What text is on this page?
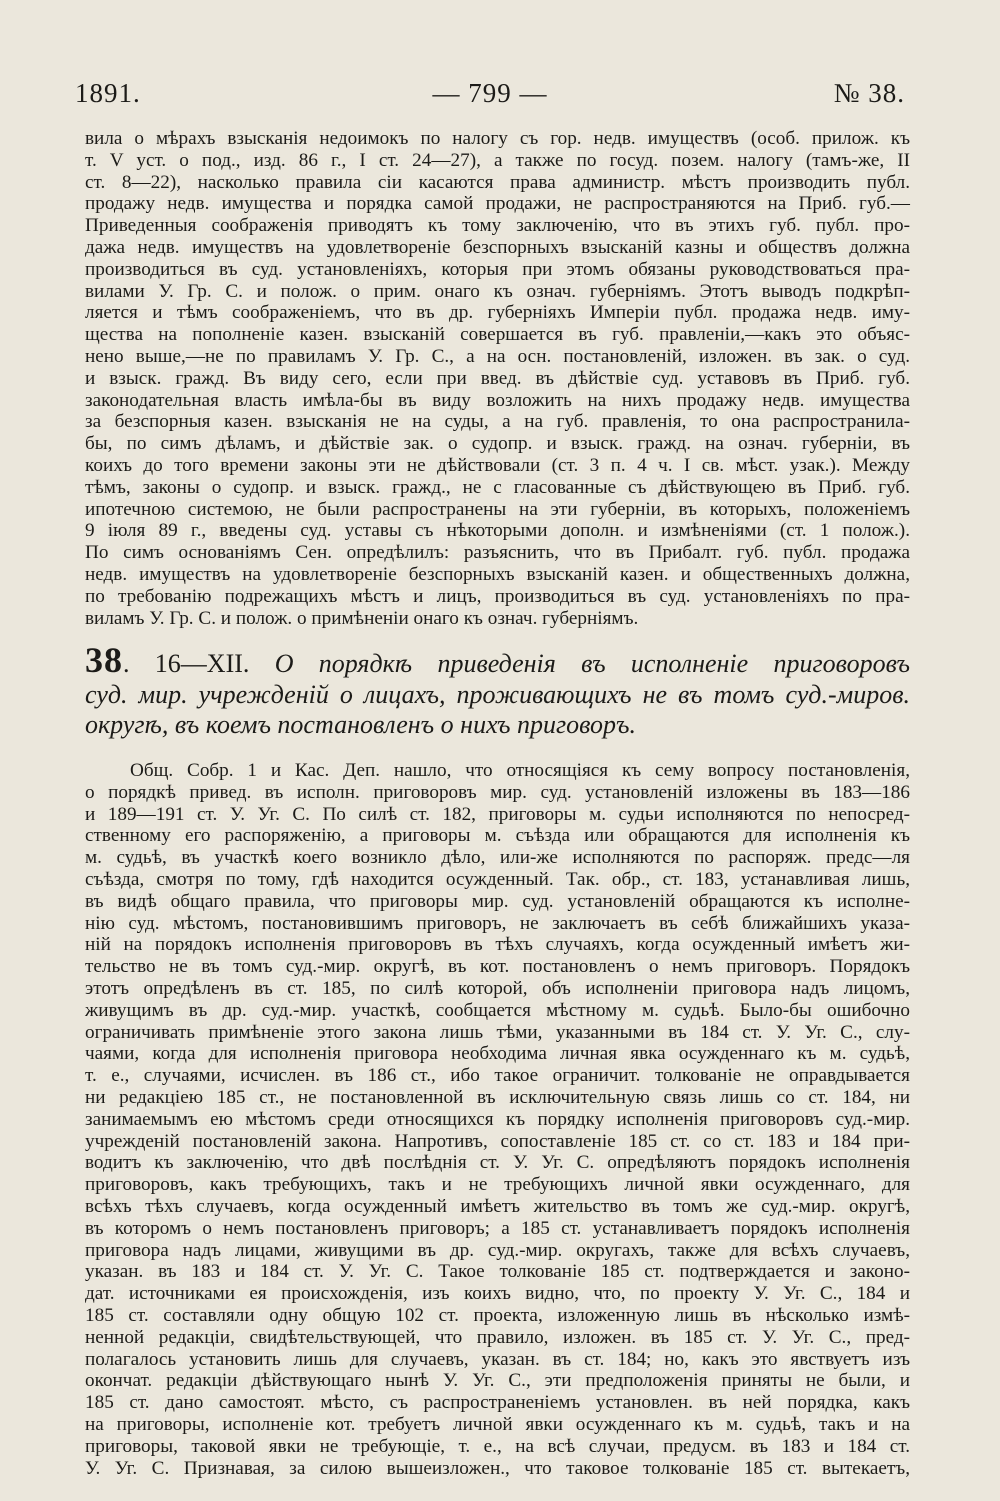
1891.	— 799 —	№ 38.
вила о мѣрахъ взысканія недоимокъ по налогу съ гор. недв. имуществъ (особ. прилож. къ
т. V уст. о под., изд. 86 г., I ст. 24—27), а также по госуд. позем. налогу (тамъ-же, II
ст. 8—22), насколько правила сіи касаются права администр. мѣстъ производить публ.
продажу недв. имущества и порядка самой продажи, не распространяются на Приб. губ.—
Приведенныя соображенія приводятъ къ тому заключенію, что въ этихъ губ. публ. про-
дажа недв. имуществъ на удовлетвореніе безспорныхъ взысканій казны и обществъ должна
производиться въ суд. установленіяхъ, которыя при этомъ обязаны руководствоваться пра-
вилами У. Гр. С. и полож. о прим. онаго къ означ. губерніямъ. Этотъ выводъ подкрѣп-
ляется и тѣмъ соображеніемъ, что въ др. губерніяхъ Имперіи публ. продажа недв. иму-
щества на пополненіе казен. взысканій совершается въ губ. правленіи,—какъ это объяс-
нено выше,—не по правиламъ У. Гр. С., а на осн. постановленій, изложен. въ зак. о суд.
и взыск. гражд. Въ виду сего, если при введ. въ дѣйствіе суд. уставовъ въ Приб. губ.
законодательная власть имѣла-бы въ виду возложить на нихъ продажу недв. имущества
за безспорныя казен. взысканія не на суды, а на губ. правленія, то она распространила-
бы, по симъ дѣламъ, и дѣйствіе зак. о судопр. и взыск. гражд. на означ. губерніи, въ
коихъ до того времени законы эти не дѣйствовали (ст. 3 п. 4 ч. I св. мѣст. узак.). Между
тѣмъ, законы о судопр. и взыск. гражд., не с гласованные съ дѣйствующею въ Приб. губ.
ипотечною системою, не были распространены на эти губерніи, въ которыхъ, положеніемъ
9 іюля 89 г., введены суд. уставы съ нѣкоторыми дополн. и измѣненіями (ст. 1 полож.).
По симъ основаніямъ Сен. опредѣлилъ: разъяснить, что въ Прибалт. губ. публ. продажа
недв. имуществъ на удовлетвореніе безспорныхъ взысканій казен. и общественныхъ должна,
по требованію подрежащихъ мѣстъ и лицъ, производиться въ суд. установленіяхъ по пра-
виламъ У. Гр. С. и полож. о примѣненіи онаго къ означ. губерніямъ.
38. 16—XII. О порядкѣ приведенія въ исполненіе приговоровъ
суд. мир. учрежденій о лицахъ, проживающихъ не въ томъ суд.-миров.
округѣ, въ коемъ постановленъ о нихъ приговоръ.
Общ. Собр. 1 и Кас. Деп. нашло, что относящіяся къ сему вопросу постановленія,
о порядкѣ привед. въ исполн. приговоровъ мир. суд. установленій изложены въ 183—186
и 189—191 ст. У. Уг. С. По силѣ ст. 182, приговоры м. судьи исполняются по непосред-
ственному его распоряженію, а приговоры м. съѣзда или обращаются для исполненія къ
м. судьѣ, въ участкѣ коего возникло дѣло, или-же исполняются по распоряж. предс—ля
съѣзда, смотря по тому, гдѣ находится осужденный. Так. обр., ст. 183, устанавливая лишь,
въ видѣ общаго правила, что приговоры мир. суд. установленій обращаются къ исполне-
нію суд. мѣстомъ, постановившимъ приговоръ, не заключаетъ въ себѣ ближайшихъ указа-
ній на порядокъ исполненія приговоровъ въ тѣхъ случаяхъ, когда осужденный имѣетъ жи-
тельство не въ томъ суд.-мир. округѣ, въ кот. постановленъ о немъ приговоръ. Порядокъ
этотъ опредѣленъ въ ст. 185, по силѣ которой, объ исполненіи приговора надъ лицомъ,
живущимъ въ др. суд.-мир. участкѣ, сообщается мѣстному м. судьѣ. Было-бы ошибочно
ограничивать примѣненіе этого закона лишь тѣми, указанными въ 184 ст. У. Уг. С., слу-
чаями, когда для исполненія приговора необходима личная явка осужденнаго къ м. судьѣ,
т. е., случаями, исчислен. въ 186 ст., ибо такое ограничит. толкованіе не оправдывается
ни редакціею 185 ст., не постановленной въ исключительную связь лишь со ст. 184, ни
занимаемымъ ею мѣстомъ среди относящихся къ порядку исполненія приговоровъ суд.-мир.
учрежденій постановленій закона. Напротивъ, сопоставленіе 185 ст. со ст. 183 и 184 при-
водитъ къ заключенію, что двѣ послѣднія ст. У. Уг. С. опредѣляютъ порядокъ исполненія
приговоровъ, какъ требующихъ, такъ и не требующихъ личной явки осужденнаго, для
всѣхъ тѣхъ случаевъ, когда осужденный имѣетъ жительство въ томъ же суд.-мир. округѣ,
въ которомъ о немъ постановленъ приговоръ; а 185 ст. устанавливаетъ порядокъ исполненія
приговора надъ лицами, живущими въ др. суд.-мир. округахъ, также для всѣхъ случаевъ,
указан. въ 183 и 184 ст. У. Уг. С. Такое толкованіе 185 ст. подтверждается и законо-
дат. источниками ея происхожденія, изъ коихъ видно, что, по проекту У. Уг. С., 184 и
185 ст. составляли одну общую 102 ст. проекта, изложенную лишь въ нѣсколько измѣ-
ненной редакціи, свидѣтельствующей, что правило, изложен. въ 185 ст. У. Уг. С., пред-
полагалось установить лишь для случаевъ, указан. въ ст. 184; но, какъ это явствуетъ изъ
окончат. редакціи дѣйствующаго нынѣ У. Уг. С., эти предположенія приняты не были, и
185 ст. дано самостоят. мѣсто, съ распространеніемъ установлен. въ ней порядка, какъ
на приговоры, исполненіе кот. требуетъ личной явки осужденнаго къ м. судьѣ, такъ и на
приговоры, таковой явки не требующіе, т. е., на всѣ случаи, предусм. въ 183 и 184 ст.
У. Уг. С. Признавая, за силою вышеизложен., что таковое толкованіе 185 ст. вытекаетъ,
